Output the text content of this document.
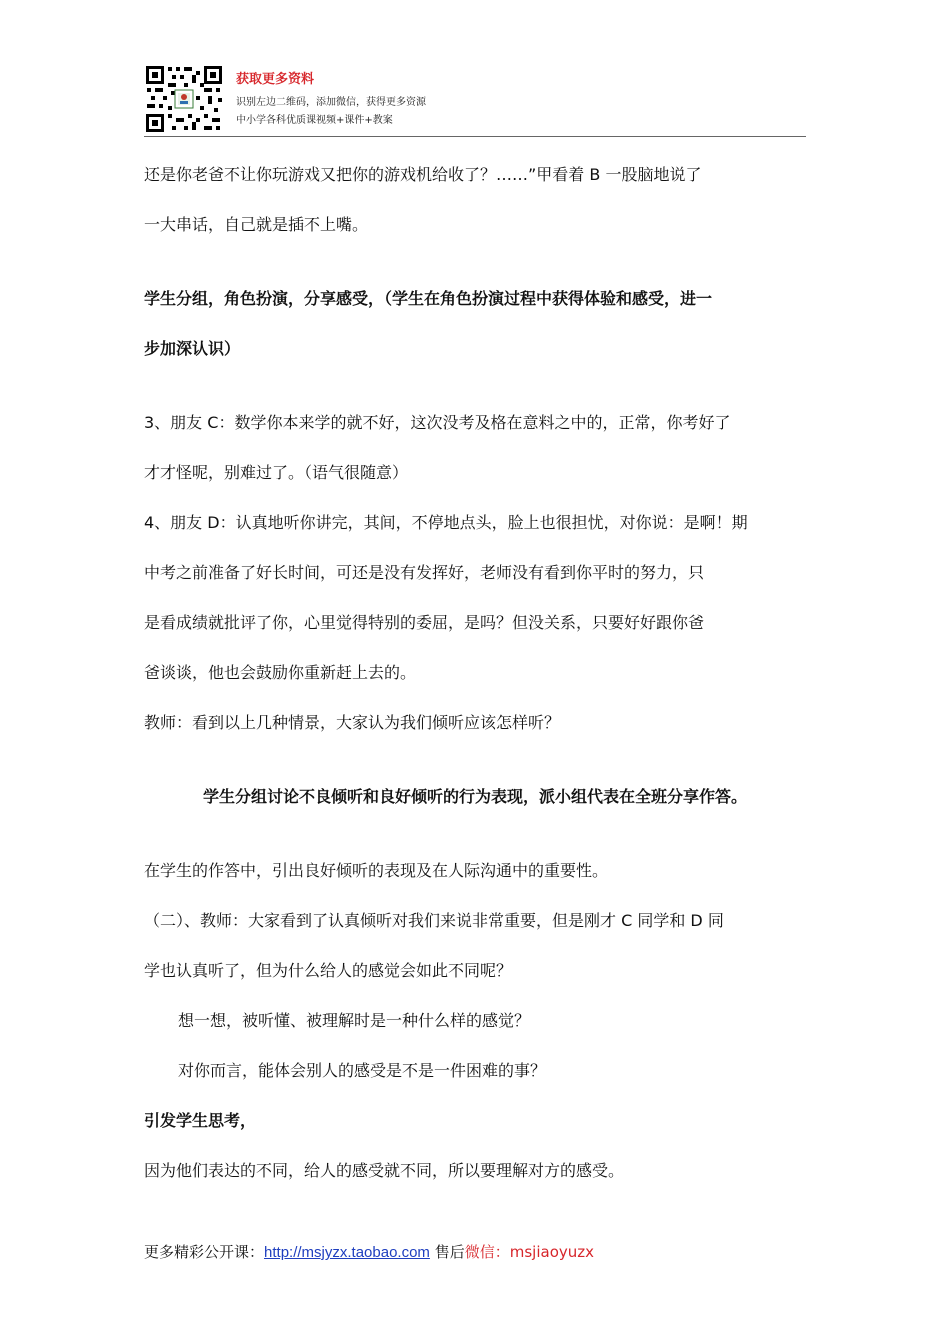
获取更多资料
识别左边二维码，添加微信，获得更多资源
中小学各科优质课视频+课件+教案

还是你老爸不让你玩游戏又把你的游戏机给收了？……”甲看着 B 一股脑地说了

一大串话，自己就是插不上嘴。

学生分组，角色扮演，分享感受，（学生在角色扮演过程中获得体验和感受，进一

步加深认识）

3、朋友 C：数学你本来学的就不好，这次没考及格在意料之中的，正常，你考好了

才才怪呢，别难过了。（语气很随意）

4、朋友 D：认真地听你讲完，其间，不停地点头，脸上也很担忧，对你说：是啊！期

中考之前准备了好长时间，可还是没有发挥好，老师没有看到你平时的努力，只

是看成绩就批评了你，心里觉得特别的委屈，是吗？但没关系，只要好好跟你爸

爸谈谈，他也会鼓励你重新赶上去的。

教师：看到以上几种情景，大家认为我们倾听应该怎样听？

学生分组讨论不良倾听和良好倾听的行为表现，派小组代表在全班分享作答。

在学生的作答中，引出良好倾听的表现及在人际沟通中的重要性。

（二）、教师：大家看到了认真倾听对我们来说非常重要，但是刚才 C 同学和 D 同

学也认真听了，但为什么给人的感觉会如此不同呢？

想一想，被听懂、被理解时是一种什么样的感觉？

对你而言，能体会别人的感受是不是一件困难的事？

引发学生思考，

因为他们表达的不同，给人的感受就不同，所以要理解对方的感受。

更多精彩公开课：http://msjyzx.taobao.com 售后微信：msjiaoyuzx
